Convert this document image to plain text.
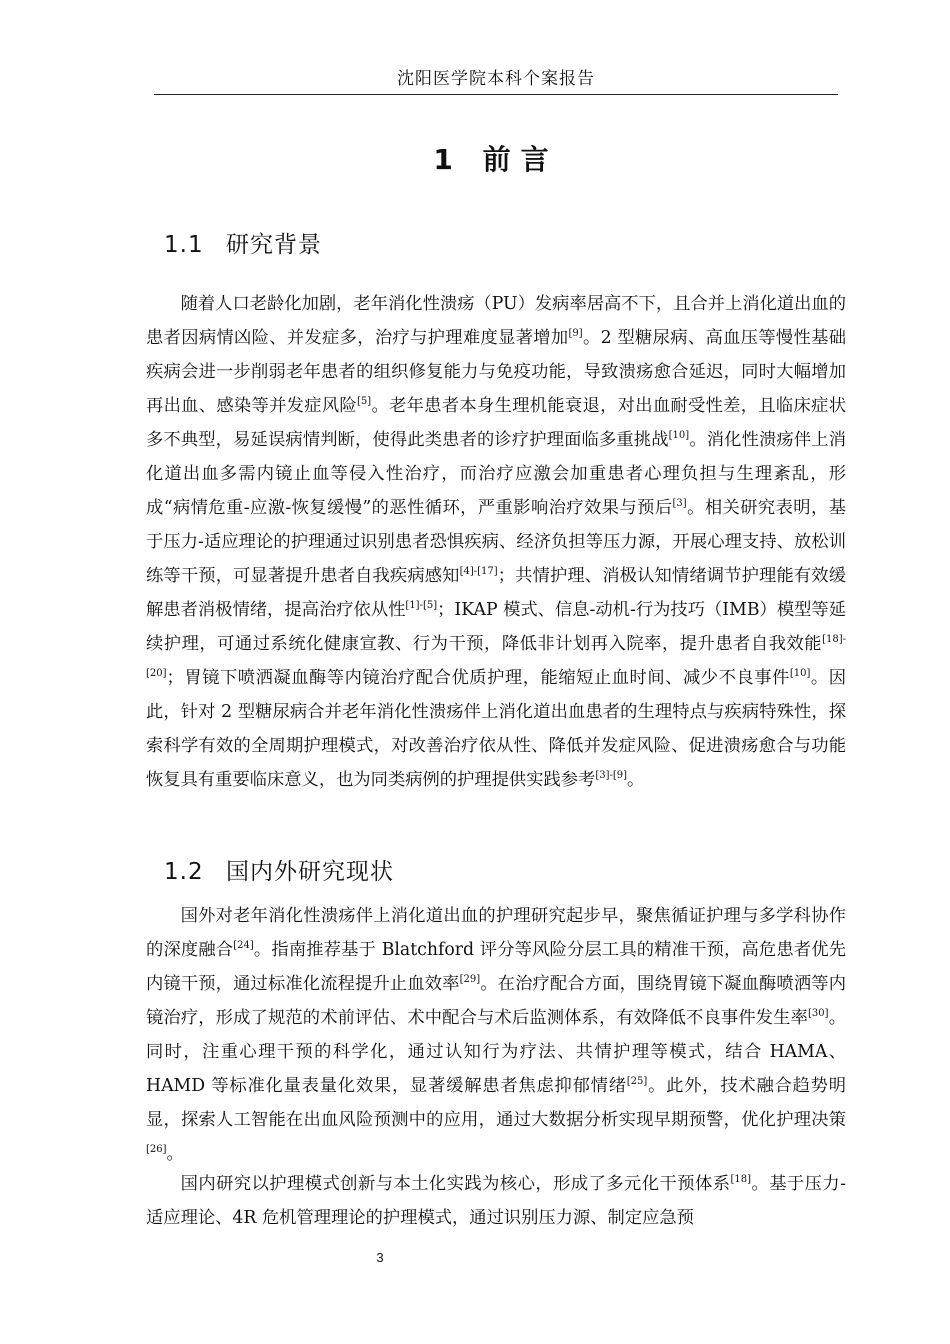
沈阳医学院本科个案报告
1 前言
1.1 研究背景

随着人口老龄化加剧，老年消化性溃疡（PU）发病率居高不下，且合并上消化道出血的患者因病情凶险、并发症多，治疗与护理难度显著增加[9]。2 型糖尿病、高血压等慢性基础疾病会进一步削弱老年患者的组织修复能力与免疫功能，导致溃疡愈合延迟，同时大幅增加再出血、感染等并发症风险[5]。老年患者本身生理机能衰退，对出血耐受性差，且临床症状多不典型，易延误病情判断，使得此类患者的诊疗护理面临多重挑战[10]。消化性溃疡伴上消化道出血多需内镜止血等侵入性治疗，而治疗应激会加重患者心理负担与生理紊乱，形成“病情危重-应激-恢复缓慢”的恶性循环，严重影响治疗效果与预后[3]。相关研究表明，基于压力-适应理论的护理通过识别患者恐惧疾病、经济负担等压力源，开展心理支持、放松训练等干预，可显著提升患者自我疾病感知[4]-[17]；共情护理、消极认知情绪调节护理能有效缓解患者消极情绪，提高治疗依从性[1]-[5]；IKAP 模式、信息-动机-行为技巧（IMB）模型等延续护理，可通过系统化健康宣教、行为干预，降低非计划再入院率，提升患者自我效能[18]-[20]；胃镜下喷洒凝血酶等内镜治疗配合优质护理，能缩短止血时间、减少不良事件[10]。因此，针对 2 型糖尿病合并老年消化性溃疡伴上消化道出血患者的生理特点与疾病特殊性，探索科学有效的全周期护理模式，对改善治疗依从性、降低并发症风险、促进溃疡愈合与功能恢复具有重要临床意义，也为同类病例的护理提供实践参考[3]-[9]。

1.2 国内外研究现状

国外对老年消化性溃疡伴上消化道出血的护理研究起步早，聚焦循证护理与多学科协作的深度融合[24]。指南推荐基于 Blatchford 评分等风险分层工具的精准干预，高危患者优先内镜干预，通过标准化流程提升止血效率[29]。在治疗配合方面，围绕胃镜下凝血酶喷洒等内镜治疗，形成了规范的术前评估、术中配合与术后监测体系，有效降低不良事件发生率[30]。同时，注重心理干预的科学化，通过认知行为疗法、共情护理等模式，结合 HAMA、HAMD 等标准化量表量化效果，显著缓解患者焦虑抑郁情绪[25]。此外，技术融合趋势明显，探索人工智能在出血风险预测中的应用，通过大数据分析实现早期预警，优化护理决策[26]。

国内研究以护理模式创新与本土化实践为核心，形成了多元化干预体系[18]。基于压力-适应理论、4R 危机管理理论的护理模式，通过识别压力源、制定应急预

3
